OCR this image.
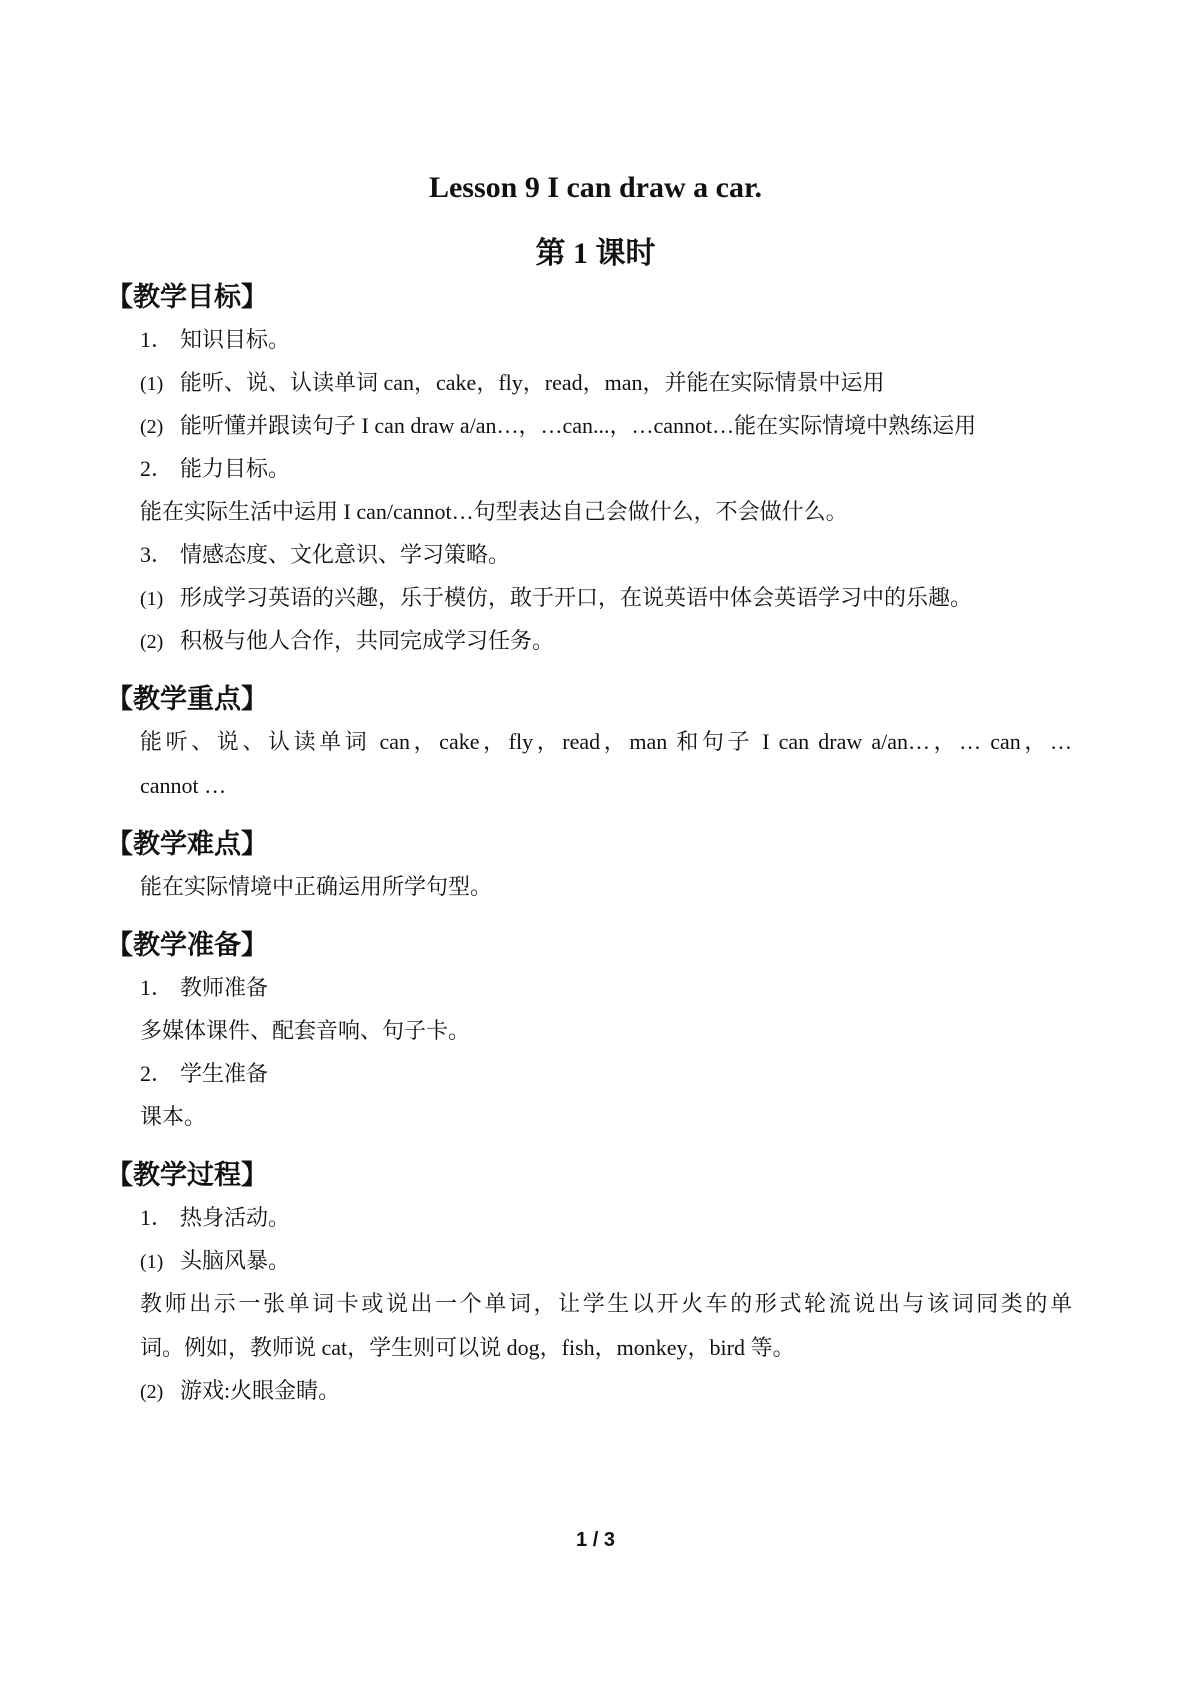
Lesson 9 I can draw a car.
第 1 课时
【教学目标】
1． 知识目标。
(1) 能听、说、认读单词 can，cake，fly，read，man，并能在实际情景中运用
(2) 能听懂并跟读句子 I can draw a/an…，…can...，…cannot…能在实际情境中熟练运用
2． 能力目标。
能在实际生活中运用 I can/cannot…句型表达自己会做什么，不会做什么。
3． 情感态度、文化意识、学习策略。
(1) 形成学习英语的兴趣，乐于模仿，敢于开口，在说英语中体会英语学习中的乐趣。
(2) 积极与他人合作，共同完成学习任务。
【教学重点】
能听、说、认读单词 can，cake，fly，read，man 和句子 I can draw a/an…，… can，…
cannot …
【教学难点】
能在实际情境中正确运用所学句型。
【教学准备】
1． 教师准备
多媒体课件、配套音响、句子卡。
2． 学生准备
课本。
【教学过程】
1． 热身活动。
(1) 头脑风暴。
教师出示一张单词卡或说出一个单词，让学生以开火车的形式轮流说出与该词同类的单
词。例如，教师说 cat，学生则可以说 dog，fish，monkey，bird 等。
(2) 游戏:火眼金睛。
1 / 3
